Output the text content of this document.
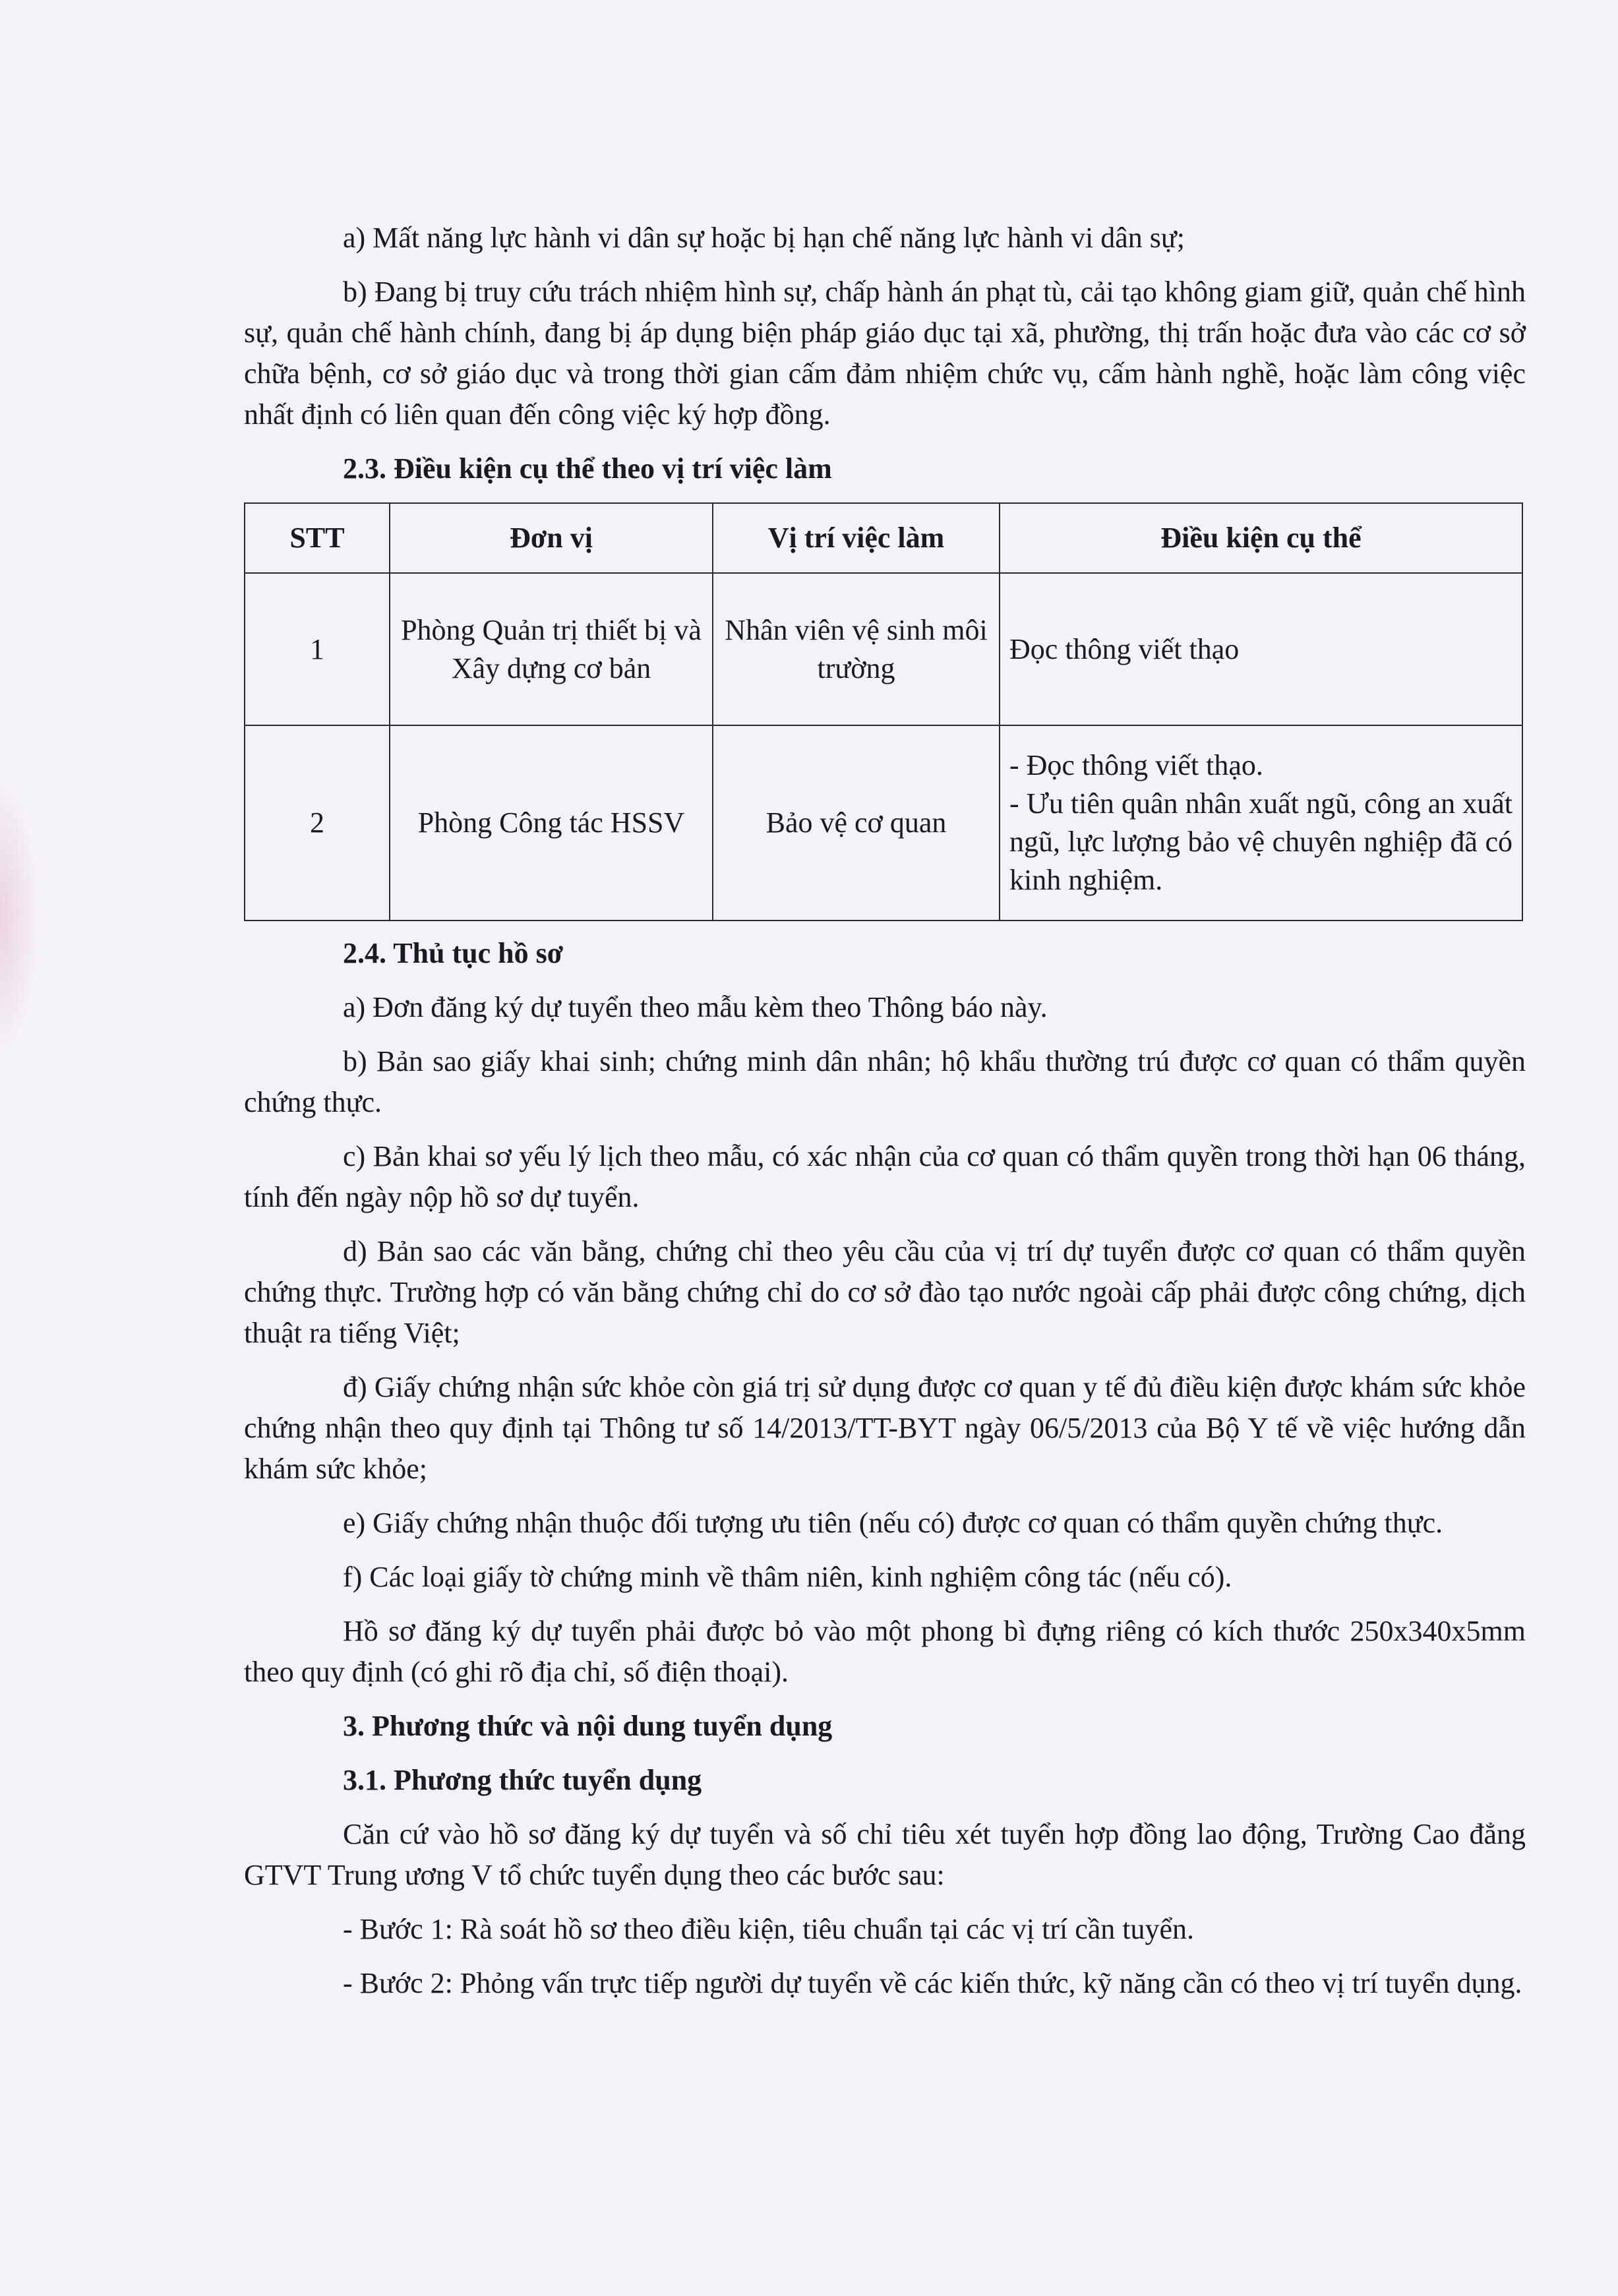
a) Mất năng lực hành vi dân sự hoặc bị hạn chế năng lực hành vi dân sự;

b) Đang bị truy cứu trách nhiệm hình sự, chấp hành án phạt tù, cải tạo không giam giữ, quản chế hình sự, quản chế hành chính, đang bị áp dụng biện pháp giáo dục tại xã, phường, thị trấn hoặc đưa vào các cơ sở chữa bệnh, cơ sở giáo dục và trong thời gian cấm đảm nhiệm chức vụ, cấm hành nghề, hoặc làm công việc nhất định có liên quan đến công việc ký hợp đồng.

2.3. Điều kiện cụ thể theo vị trí việc làm
STT	Đơn vị	Vị trí việc làm	Điều kiện cụ thể
1	Phòng Quản trị thiết bị và Xây dựng cơ bản	Nhân viên vệ sinh môi trường	Đọc thông viết thạo

2	Phòng Công tác HSSV	Bảo vệ cơ quan	- Đọc thông viết thạo.
- Ưu tiên quân nhân xuất ngũ, công an xuất ngũ, lực lượng bảo vệ chuyên nghiệp đã có kinh nghiệm.
2.4. Thủ tục hồ sơ

a) Đơn đăng ký dự tuyển theo mẫu kèm theo Thông báo này.

b) Bản sao giấy khai sinh; chứng minh dân nhân; hộ khẩu thường trú được cơ quan có thẩm quyền chứng thực.

c) Bản khai sơ yếu lý lịch theo mẫu, có xác nhận của cơ quan có thẩm quyền trong thời hạn 06 tháng, tính đến ngày nộp hồ sơ dự tuyển.

d) Bản sao các văn bằng, chứng chỉ theo yêu cầu của vị trí dự tuyển được cơ quan có thẩm quyền chứng thực. Trường hợp có văn bằng chứng chỉ do cơ sở đào tạo nước ngoài cấp phải được công chứng, dịch thuật ra tiếng Việt;

đ) Giấy chứng nhận sức khỏe còn giá trị sử dụng được cơ quan y tế đủ điều kiện được khám sức khỏe chứng nhận theo quy định tại Thông tư số 14/2013/TT-BYT ngày 06/5/2013 của Bộ Y tế về việc hướng dẫn khám sức khỏe;

e) Giấy chứng nhận thuộc đối tượng ưu tiên (nếu có) được cơ quan có thẩm quyền chứng thực.

f) Các loại giấy tờ chứng minh về thâm niên, kinh nghiệm công tác (nếu có).

Hồ sơ đăng ký dự tuyển phải được bỏ vào một phong bì đựng riêng có kích thước 250x340x5mm theo quy định (có ghi rõ địa chỉ, số điện thoại).

3. Phương thức và nội dung tuyển dụng
3.1. Phương thức tuyển dụng

Căn cứ vào hồ sơ đăng ký dự tuyển và số chỉ tiêu xét tuyển hợp đồng lao động, Trường Cao đẳng GTVT Trung ương V tổ chức tuyển dụng theo các bước sau:

- Bước 1: Rà soát hồ sơ theo điều kiện, tiêu chuẩn tại các vị trí cần tuyển.

- Bước 2: Phỏng vấn trực tiếp người dự tuyển về các kiến thức, kỹ năng cần có theo vị trí tuyển dụng.
